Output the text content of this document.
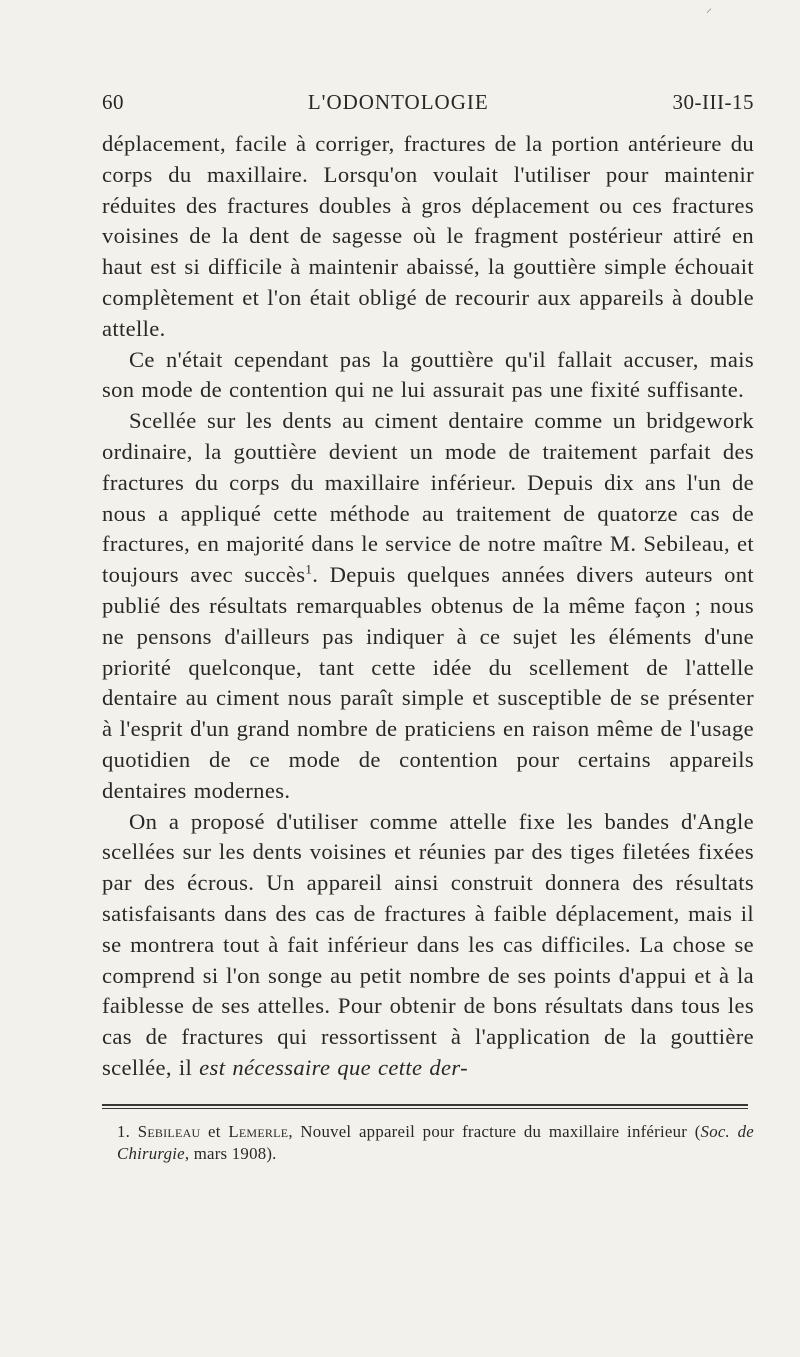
⸍
60	L'ODONTOLOGIE	30-III-15

déplacement, facile à corriger, fractures de la portion antérieure du corps du maxillaire. Lorsqu'on voulait l'utiliser pour maintenir réduites des fractures doubles à gros déplacement ou ces fractures voisines de la dent de sagesse où le fragment postérieur attiré en haut est si difficile à maintenir abaissé, la gouttière simple échouait complètement et l'on était obligé de recourir aux appareils à double attelle.

Ce n'était cependant pas la gouttière qu'il fallait accuser, mais son mode de contention qui ne lui assurait pas une fixité suffisante.

Scellée sur les dents au ciment dentaire comme un bridgework ordinaire, la gouttière devient un mode de traitement parfait des fractures du corps du maxillaire inférieur. Depuis dix ans l'un de nous a appliqué cette méthode au traitement de quatorze cas de fractures, en majorité dans le service de notre maître M. Sebileau, et toujours avec succès$^1$. Depuis quelques années divers auteurs ont publié des résultats remarquables obtenus de la même façon ; nous ne pensons d'ailleurs pas indiquer à ce sujet les éléments d'une priorité quelconque, tant cette idée du scellement de l'attelle dentaire au ciment nous paraît simple et susceptible de se présenter à l'esprit d'un grand nombre de praticiens en raison même de l'usage quotidien de ce mode de contention pour certains appareils dentaires modernes.

On a proposé d'utiliser comme attelle fixe les bandes d'Angle scellées sur les dents voisines et réunies par des tiges filetées fixées par des écrous. Un appareil ainsi construit donnera des résultats satisfaisants dans des cas de fractures à faible déplacement, mais il se montrera tout à fait inférieur dans les cas difficiles. La chose se comprend si l'on songe au petit nombre de ses points d'appui et à la faiblesse de ses attelles. Pour obtenir de bons résultats dans tous les cas de fractures qui ressortissent à l'application de la gouttière scellée, il est nécessaire que cette der-

1. Sebileau et Lemerle, Nouvel appareil pour fracture du maxillaire inférieur (Soc. de Chirurgie, mars 1908).
